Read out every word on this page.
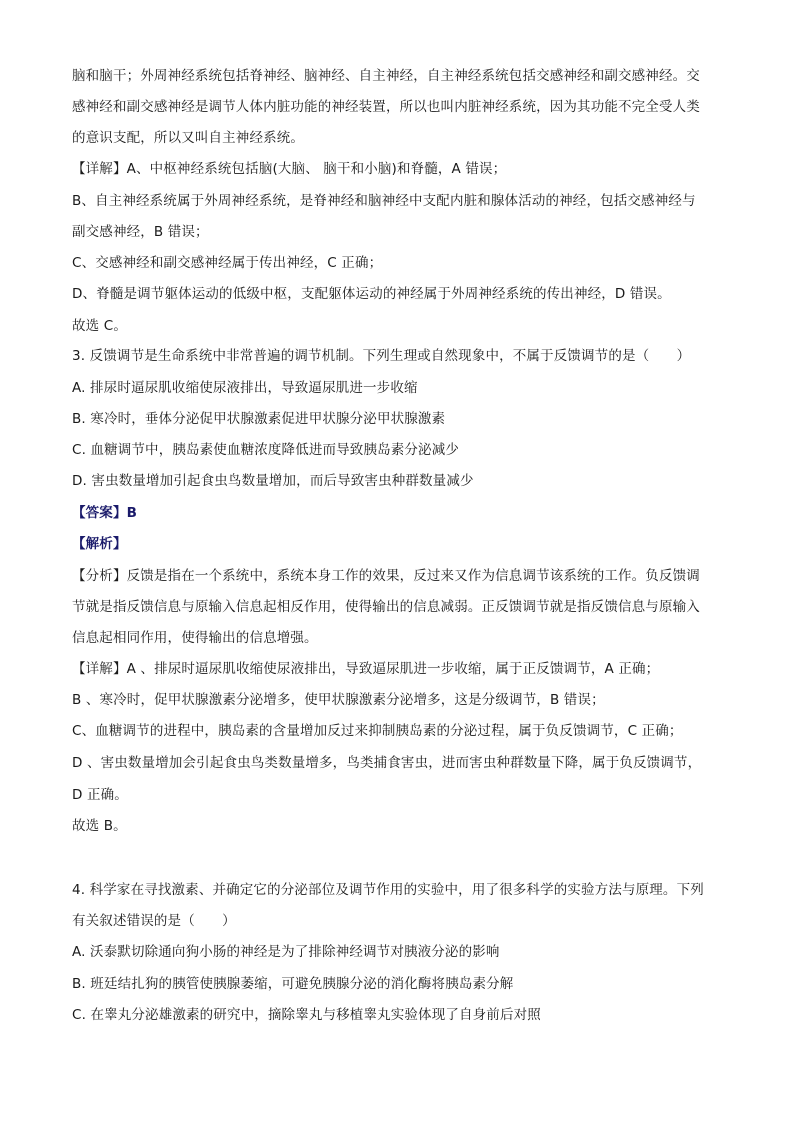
脑和脑干；外周神经系统包括脊神经、脑神经、自主神经，自主神经系统包括交感神经和副交感神经。交
感神经和副交感神经是调节人体内脏功能的神经装置，所以也叫内脏神经系统，因为其功能不完全受人类
的意识支配，所以又叫自主神经系统。
【详解】A、中枢神经系统包括脑(大脑、 脑干和小脑)和脊髓，A 错误；
B、自主神经系统属于外周神经系统，是脊神经和脑神经中支配内脏和腺体活动的神经，包括交感神经与
副交感神经，B 错误；
C、交感神经和副交感神经属于传出神经，C 正确；
D、脊髓是调节躯体运动的低级中枢，支配躯体运动的神经属于外周神经系统的传出神经，D 错误。
故选 C。
3. 反馈调节是生命系统中非常普遍的调节机制。下列生理或自然现象中，不属于反馈调节的是（　　）
A. 排尿时逼尿肌收缩使尿液排出，导致逼尿肌进一步收缩
B. 寒冷时，垂体分泌促甲状腺激素促进甲状腺分泌甲状腺激素
C. 血糖调节中，胰岛素使血糖浓度降低进而导致胰岛素分泌减少
D. 害虫数量增加引起食虫鸟数量增加，而后导致害虫种群数量减少
【答案】B
【解析】
【分析】反馈是指在一个系统中，系统本身工作的效果，反过来又作为信息调节该系统的工作。负反馈调
节就是指反馈信息与原输入信息起相反作用，使得输出的信息减弱。正反馈调节就是指反馈信息与原输入
信息起相同作用，使得输出的信息增强。
【详解】A 、排尿时逼尿肌收缩使尿液排出，导致逼尿肌进一步收缩，属于正反馈调节，A 正确；
B 、寒冷时，促甲状腺激素分泌增多，使甲状腺激素分泌增多，这是分级调节，B 错误；
C、血糖调节的进程中，胰岛素的含量增加反过来抑制胰岛素的分泌过程，属于负反馈调节，C 正确；
D 、害虫数量增加会引起食虫鸟类数量增多，鸟类捕食害虫，进而害虫种群数量下降，属于负反馈调节，
D 正确。
故选 B。
4. 科学家在寻找激素、并确定它的分泌部位及调节作用的实验中，用了很多科学的实验方法与原理。下列
有关叙述错误的是（　　）
A. 沃泰默切除通向狗小肠的神经是为了排除神经调节对胰液分泌的影响
B. 班廷结扎狗的胰管使胰腺萎缩，可避免胰腺分泌的消化酶将胰岛素分解
C. 在睾丸分泌雄激素的研究中，摘除睾丸与移植睾丸实验体现了自身前后对照
